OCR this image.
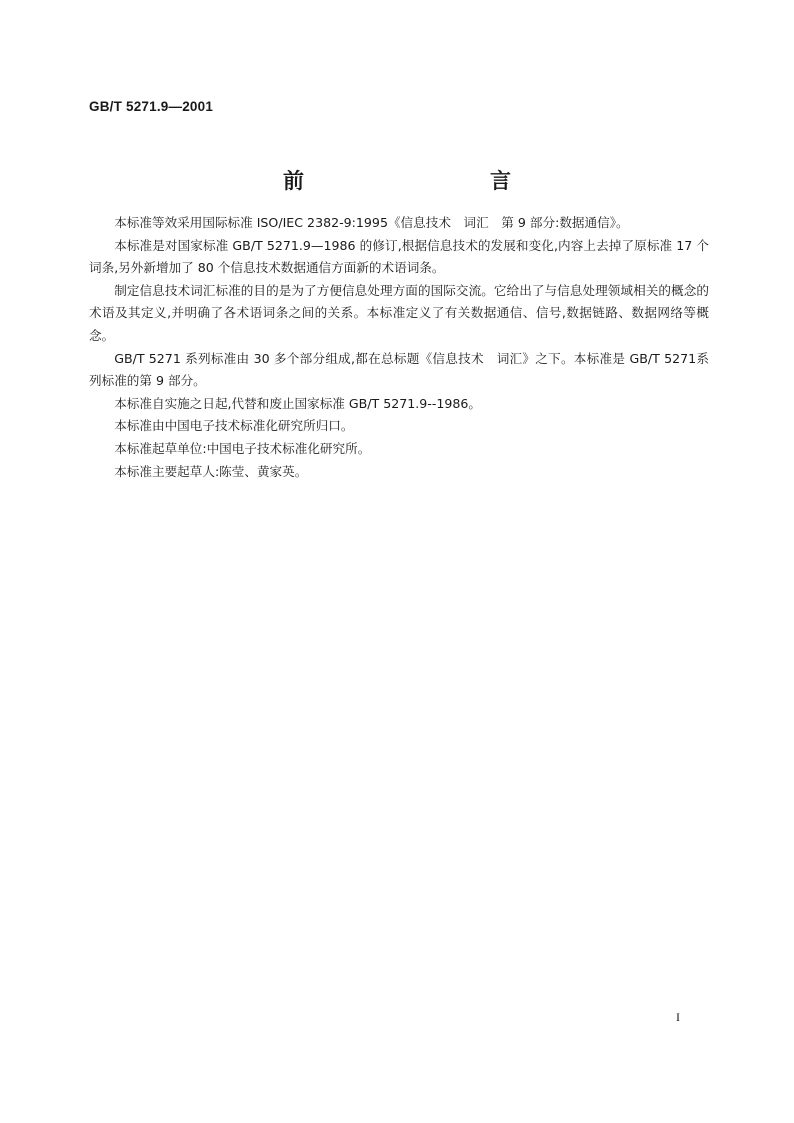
GB/T 5271.9—2001
前　　言

本标准等效采用国际标准 ISO/IEC 2382-9:1995《信息技术　词汇　第 9 部分:数据通信》。

本标准是对国家标准 GB/T 5271.9—1986 的修订,根据信息技术的发展和变化,内容上去掉了原标准 17 个词条,另外新增加了 80 个信息技术数据通信方面新的术语词条。

制定信息技术词汇标准的目的是为了方便信息处理方面的国际交流。它给出了与信息处理领域相关的概念的术语及其定义,并明确了各术语词条之间的关系。本标准定义了有关数据通信、信号,数据链路、数据网络等概念。

GB/T 5271 系列标准由 30 多个部分组成,都在总标题《信息技术　词汇》之下。本标准是 GB/T 5271系列标准的第 9 部分。

本标准自实施之日起,代替和废止国家标准 GB/T 5271.9--1986。

本标准由中国电子技术标准化研究所归口。

本标准起草单位:中国电子技术标准化研究所。

本标准主要起草人:陈莹、黄家英。

I
